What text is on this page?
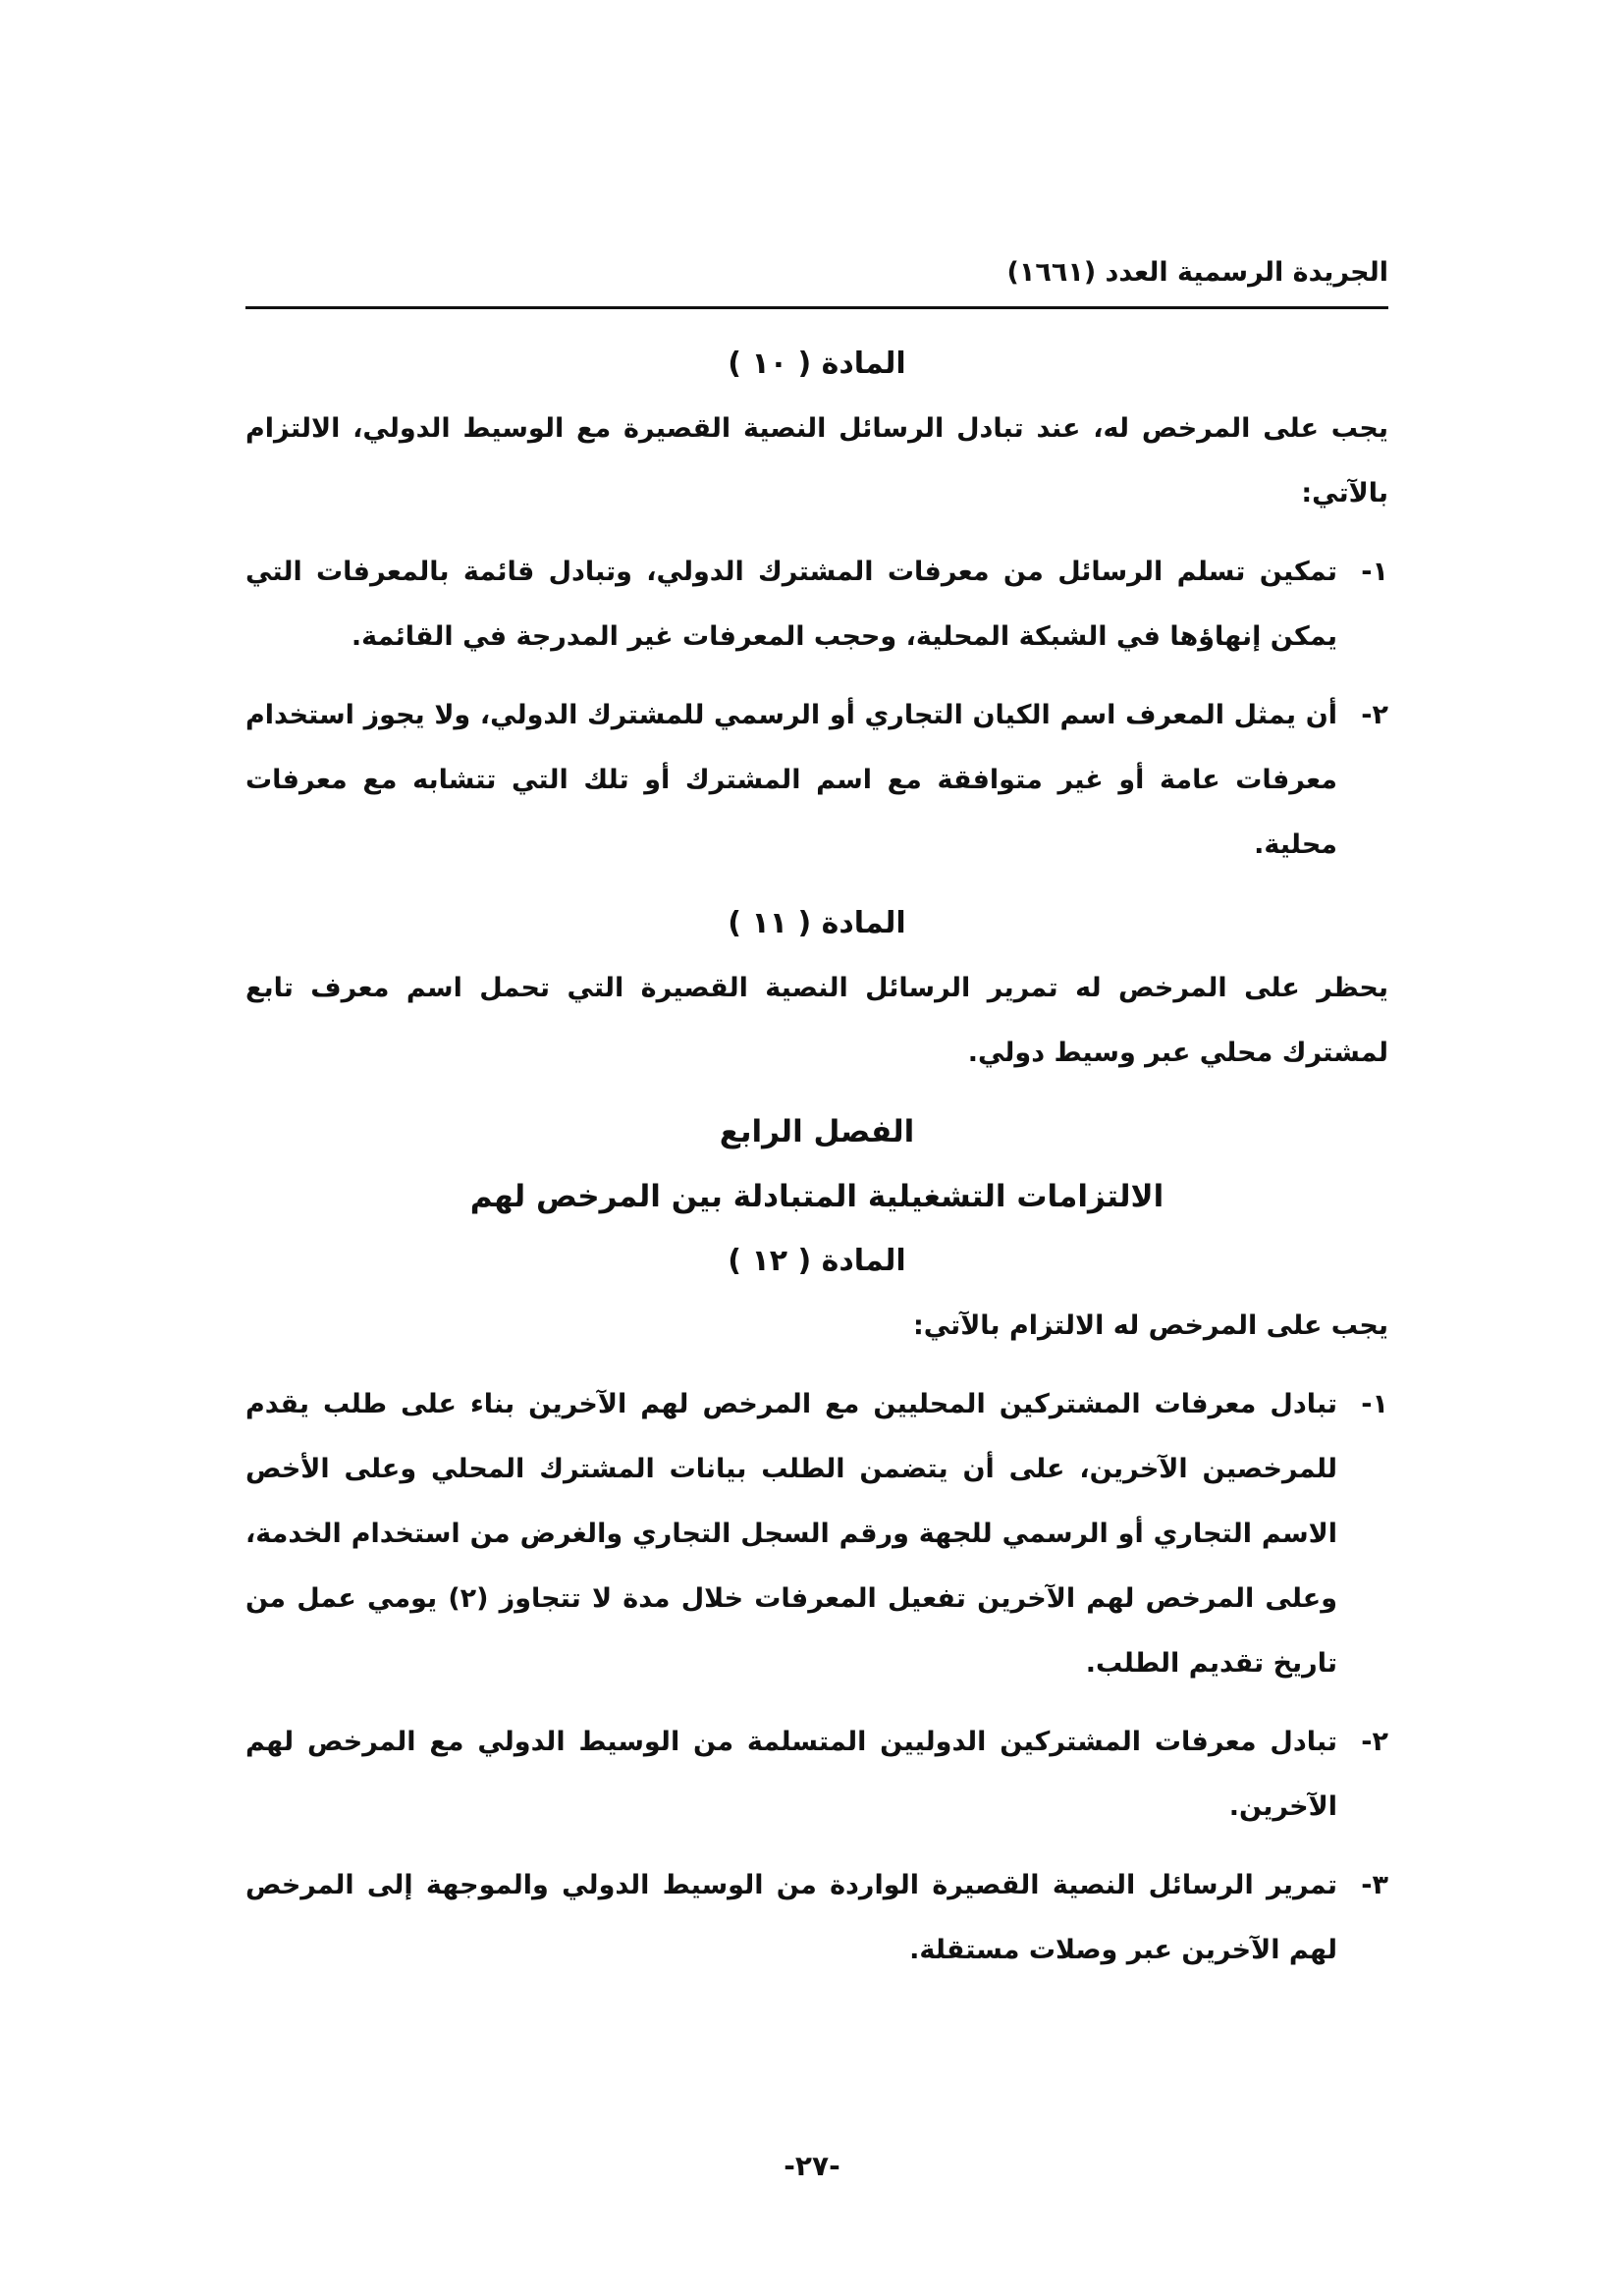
الجريدة الرسمية العدد (١٦٦١)

المادة ( ١٠ )

يجب على المرخص له، عند تبادل الرسائل النصية القصيرة مع الوسيط الدولي، الالتزام بالآتي:

١-
تمكين تسلم الرسائل من معرفات المشترك الدولي، وتبادل قائمة بالمعرفات التي يمكن إنهاؤها في الشبكة المحلية، وحجب المعرفات غير المدرجة في القائمة.
٢-
أن يمثل المعرف اسم الكيان التجاري أو الرسمي للمشترك الدولي، ولا يجوز استخدام معرفات عامة أو غير متوافقة مع اسم المشترك أو تلك التي تتشابه مع معرفات محلية.

المادة ( ١١ )

يحظر على المرخص له تمرير الرسائل النصية القصيرة التي تحمل اسم معرف تابع لمشترك محلي عبر وسيط دولي.

الفصل الرابع

الالتزامات التشغيلية المتبادلة بين المرخص لهم

المادة ( ١٢ )

يجب على المرخص له الالتزام بالآتي:

١-
تبادل معرفات المشتركين المحليين مع المرخص لهم الآخرين بناء على طلب يقدم للمرخصين الآخرين، على أن يتضمن الطلب بيانات المشترك المحلي وعلى الأخص الاسم التجاري أو الرسمي للجهة ورقم السجل التجاري والغرض من استخدام الخدمة، وعلى المرخص لهم الآخرين تفعيل المعرفات خلال مدة لا تتجاوز (٢) يومي عمل من تاريخ تقديم الطلب.
٢-
تبادل معرفات المشتركين الدوليين المتسلمة من الوسيط الدولي مع المرخص لهم الآخرين.
٣-
تمرير الرسائل النصية القصيرة الواردة من الوسيط الدولي والموجهة إلى المرخص لهم الآخرين عبر وصلات مستقلة.
-٢٧-
